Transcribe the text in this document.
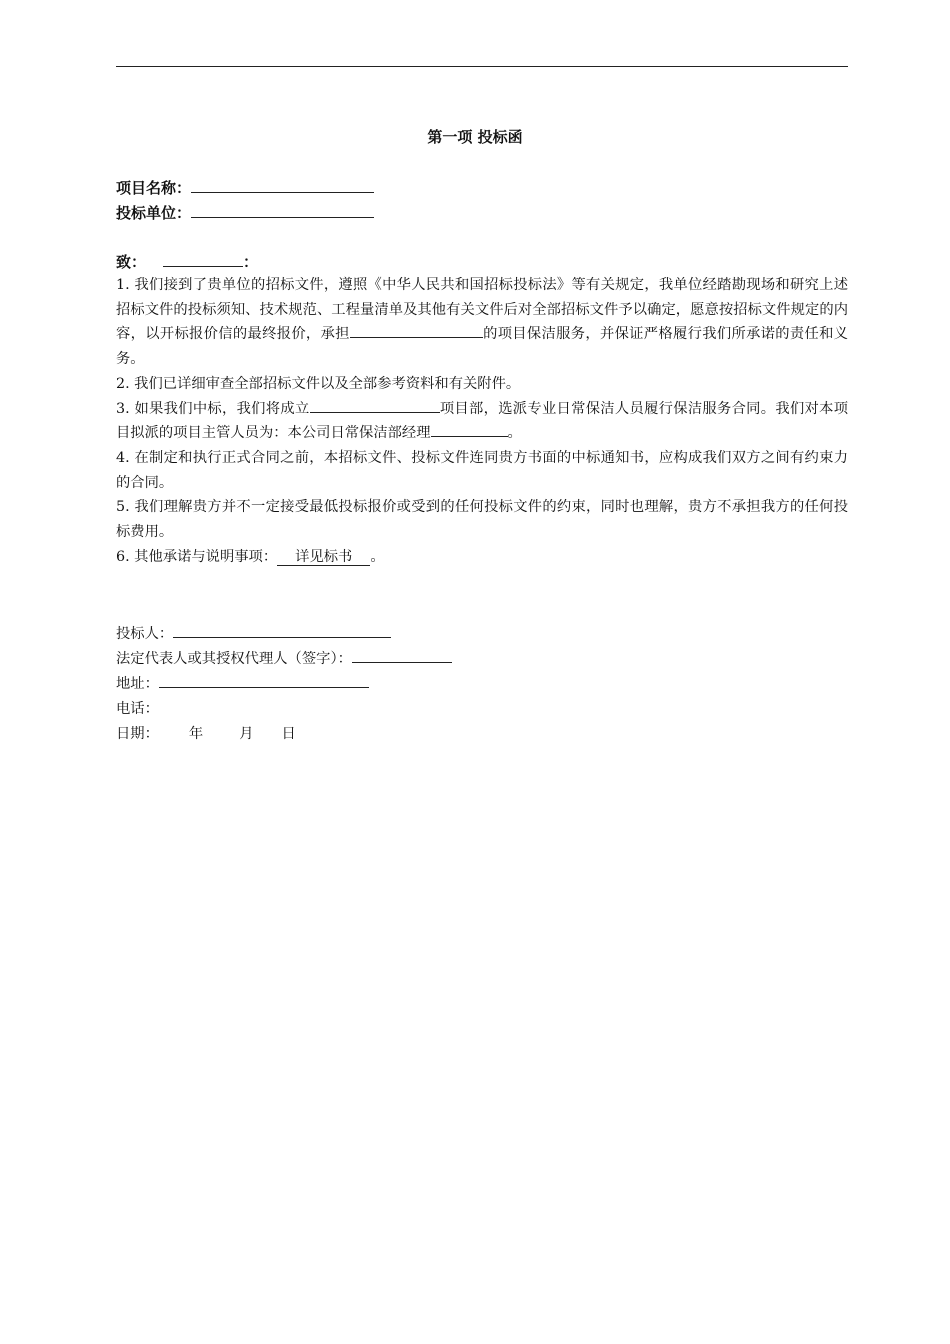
第一项 投标函
项目名称：
投标单位：
致：	：

1. 我们接到了贵单位的招标文件，遵照《中华人民共和国招标投标法》等有关规定，我单位经踏勘现场和研究上述招标文件的投标须知、技术规范、工程量清单及其他有关文件后对全部招标文件予以确定，愿意按招标文件规定的内容，以开标报价信的最终报价，承担	的项目保洁服务，并保证严格履行我们所承诺的责任和义务。

2. 我们已详细审查全部招标文件以及全部参考资料和有关附件。

3. 如果我们中标，我们将成立	项目部，选派专业日常保洁人员履行保洁服务合同。我们对本项目拟派的项目主管人员为：本公司日常保洁部经理	。

4. 在制定和执行正式合同之前，本招标文件、投标文件连同贵方书面的中标通知书，应构成我们双方之间有约束力的合同。

5. 我们理解贵方并不一定接受最低投标报价或受到的任何投标文件的约束，同时也理解，贵方不承担我方的任何投标费用。

6. 其他承诺与说明事项： 详见标书 。

投标人：
法定代表人或其授权代理人（签字）：
地址：
电话：
日期： 年	月 日
